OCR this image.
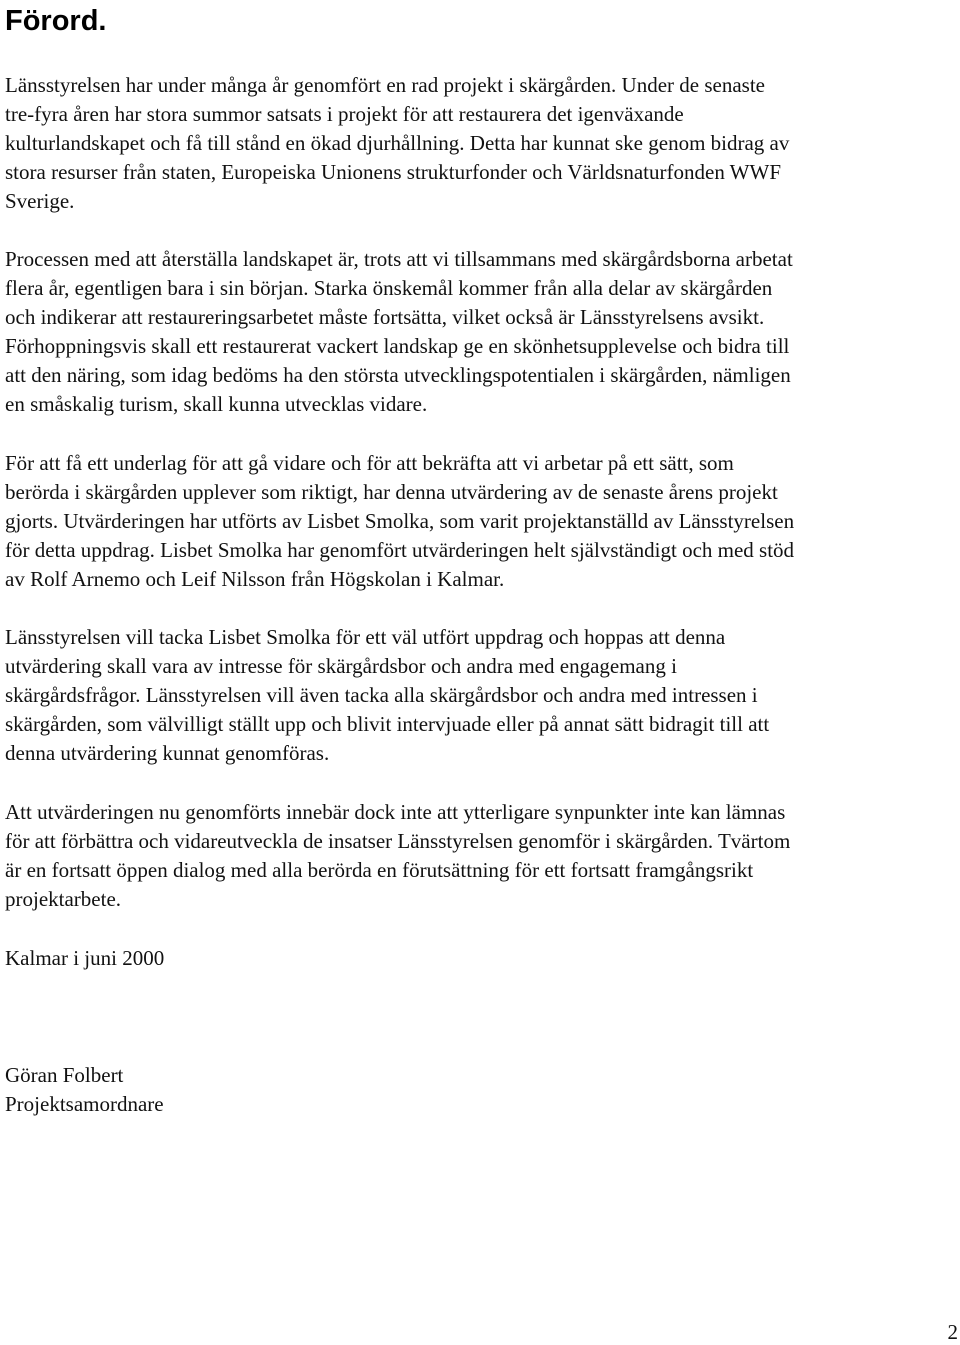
Förord.

Länsstyrelsen har under många år genomfört en rad projekt i skärgården. Under de senaste
tre-fyra åren har stora summor satsats i projekt för att restaurera det igenväxande
kulturlandskapet och få till stånd en ökad djurhållning. Detta har kunnat ske genom bidrag av
stora resurser från staten, Europeiska Unionens strukturfonder och Världsnaturfonden WWF
Sverige.

Processen med att återställa landskapet är, trots att vi tillsammans med skärgårdsborna arbetat
flera år, egentligen bara i sin början. Starka önskemål kommer från alla delar av skärgården
och indikerar att restaureringsarbetet måste fortsätta, vilket också är Länsstyrelsens avsikt.
Förhoppningsvis skall ett restaurerat vackert landskap ge en skönhetsupplevelse och bidra till
att den näring, som idag bedöms ha den största utvecklingspotentialen i skärgården, nämligen
en småskalig turism, skall kunna utvecklas vidare.

För att få ett underlag för att gå vidare och för att bekräfta att vi arbetar på ett sätt, som
berörda i skärgården upplever som riktigt, har denna utvärdering av de senaste årens projekt
gjorts. Utvärderingen har utförts av Lisbet Smolka, som varit projektanställd av Länsstyrelsen
för detta uppdrag. Lisbet Smolka har genomfört utvärderingen helt självständigt och med stöd
av Rolf Arnemo och Leif Nilsson från Högskolan i Kalmar.

Länsstyrelsen vill tacka Lisbet Smolka för ett väl utfört uppdrag och hoppas att denna
utvärdering skall vara av intresse för skärgårdsbor och andra med engagemang i
skärgårdsfrågor. Länsstyrelsen vill även tacka alla skärgårdsbor och andra med intressen i
skärgården, som välvilligt ställt upp och blivit intervjuade eller på annat sätt bidragit till att
denna utvärdering kunnat genomföras.

Att utvärderingen nu genomförts innebär dock inte att ytterligare synpunkter inte kan lämnas
för att förbättra och vidareutveckla de insatser Länsstyrelsen genomför i skärgården. Tvärtom
är en fortsatt öppen dialog med alla berörda en förutsättning för ett fortsatt framgångsrikt
projektarbete.

Kalmar i juni 2000

Göran Folbert
Projektsamordnare

2
